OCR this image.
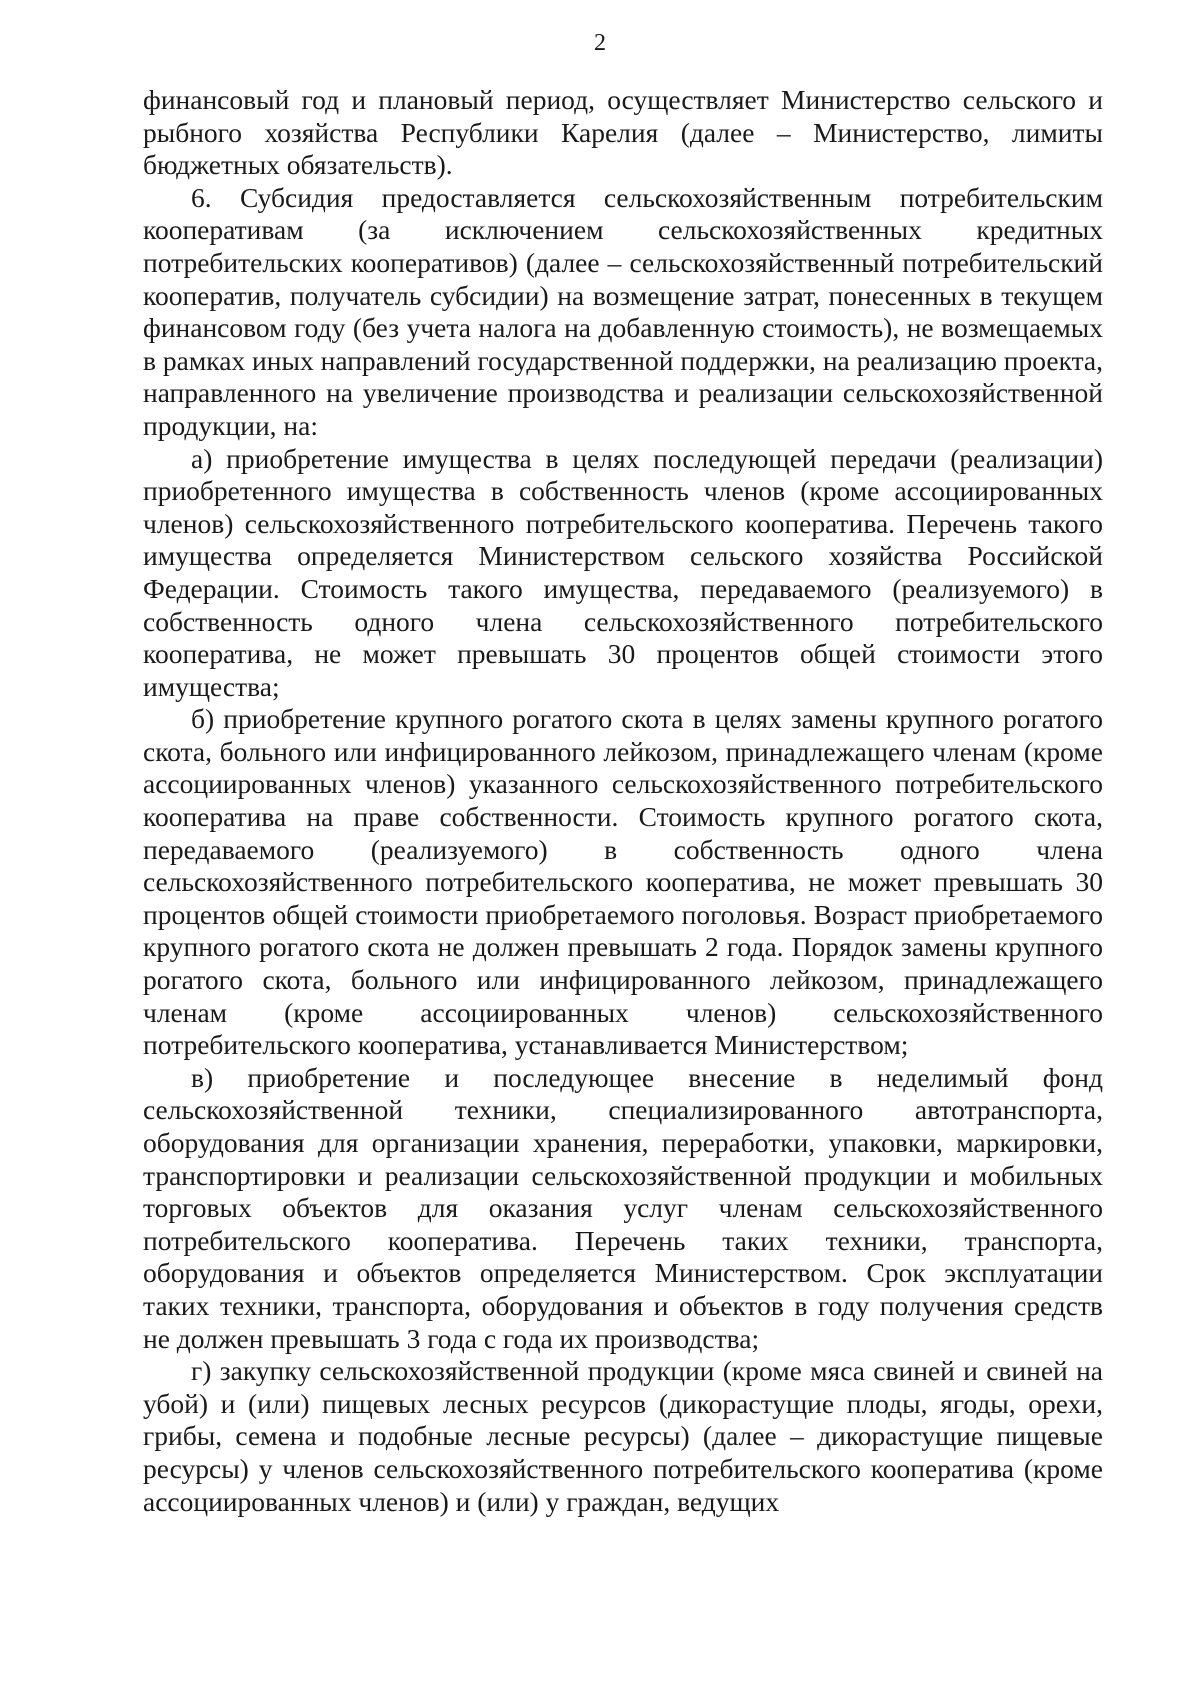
2

финансовый год и плановый период, осуществляет Министерство сельского и рыбного хозяйства Республики Карелия (далее – Министерство, лимиты бюджетных обязательств).

6. Субсидия предоставляется сельскохозяйственным потребительским кооперативам (за исключением сельскохозяйственных кредитных потребительских кооперативов) (далее – сельскохозяйственный потребительский кооператив, получатель субсидии) на возмещение затрат, понесенных в текущем финансовом году (без учета налога на добавленную стоимость), не возмещаемых в рамках иных направлений государственной поддержки, на реализацию проекта, направленного на увеличение производства и реализации сельскохозяйственной продукции, на:

а) приобретение имущества в целях последующей передачи (реализации) приобретенного имущества в собственность членов (кроме ассоциированных членов) сельскохозяйственного потребительского кооператива. Перечень такого имущества определяется Министерством сельского хозяйства Российской Федерации. Стоимость такого имущества, передаваемого (реализуемого) в собственность одного члена сельскохозяйственного потребительского кооператива, не может превышать 30 процентов общей стоимости этого имущества;

б) приобретение крупного рогатого скота в целях замены крупного рогатого скота, больного или инфицированного лейкозом, принадлежащего членам (кроме ассоциированных членов) указанного сельскохозяйственного потребительского кооператива на праве собственности. Стоимость крупного рогатого скота, передаваемого (реализуемого) в собственность одного члена сельскохозяйственного потребительского кооператива, не может превышать 30 процентов общей стоимости приобретаемого поголовья. Возраст приобретаемого крупного рогатого скота не должен превышать 2 года. Порядок замены крупного рогатого скота, больного или инфицированного лейкозом, принадлежащего членам (кроме ассоциированных членов) сельскохозяйственного потребительского кооператива, устанавливается Министерством;

в) приобретение и последующее внесение в неделимый фонд сельскохозяйственной техники, специализированного автотранспорта, оборудования для организации хранения, переработки, упаковки, маркировки, транспортировки и реализации сельскохозяйственной продукции и мобильных торговых объектов для оказания услуг членам сельскохозяйственного потребительского кооператива. Перечень таких техники, транспорта, оборудования и объектов определяется Министерством. Срок эксплуатации таких техники, транспорта, оборудования и объектов в году получения средств не должен превышать 3 года с года их производства;

г) закупку сельскохозяйственной продукции (кроме мяса свиней и свиней на убой) и (или) пищевых лесных ресурсов (дикорастущие плоды, ягоды, орехи, грибы, семена и подобные лесные ресурсы) (далее – дикорастущие пищевые ресурсы) у членов сельскохозяйственного потребительского кооператива (кроме ассоциированных членов) и (или) у граждан, ведущих
